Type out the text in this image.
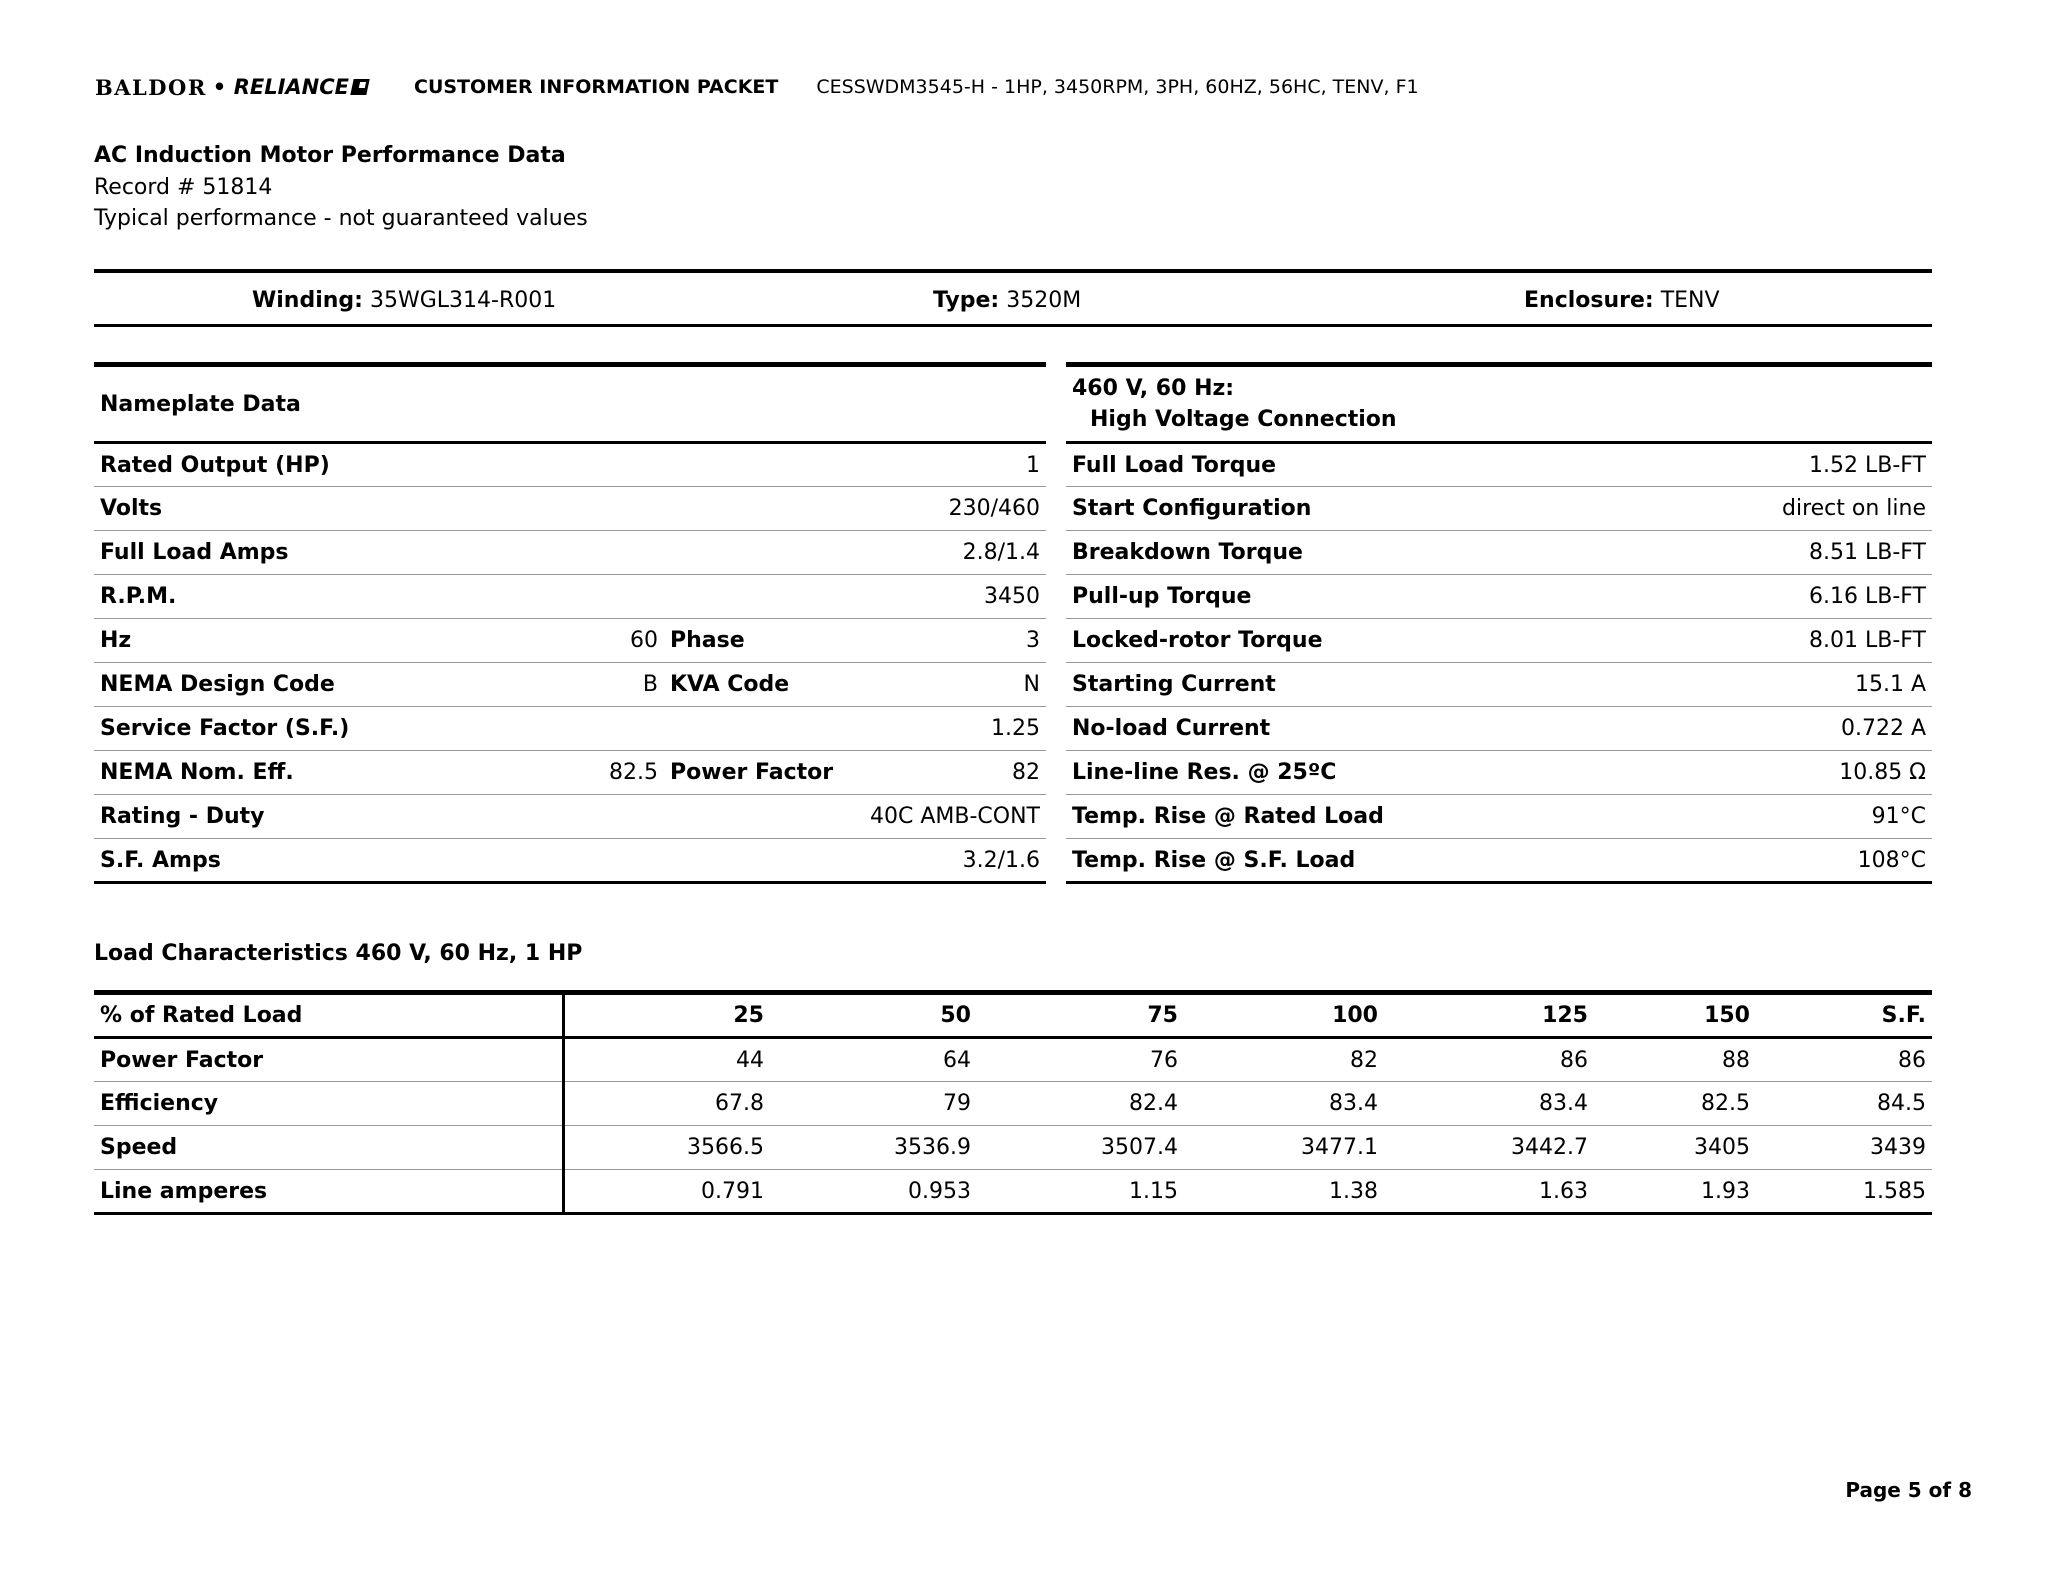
BALDOR • RELIANCE	CUSTOMER INFORMATION PACKET CESSWDM3545-H - 1HP, 3450RPM, 3PH, 60HZ, 56HC, TENV, F1
AC Induction Motor Performance Data
Record # 51814
Typical performance - not guaranteed values
Winding: 35WGL314-R001	Type: 3520M	Enclosure: TENV
Nameplate Data			
Rated Output (HP)			1
Volts			230/460
Full Load Amps			2.8/1.4
R.P.M.			3450
Hz	60	Phase	3
NEMA Design Code	B	KVA Code	N
Service Factor (S.F.)			1.25
NEMA Nom. Eff.	82.5	Power Factor	82
Rating - Duty			40C AMB-CONT
S.F. Amps			3.2/1.6
460 V, 60 Hz:
High Voltage Connection	

Full Load Torque	1.52 LB-FT
Start Configuration	direct on line
Breakdown Torque	8.51 LB-FT
Pull-up Torque	6.16 LB-FT
Locked-rotor Torque	8.01 LB-FT
Starting Current	15.1 A
No-load Current	0.722 A
Line-line Res. @ 25ºC	10.85 Ω
Temp. Rise @ Rated Load	91°C
Temp. Rise @ S.F. Load	108°C
Load Characteristics 460 V, 60 Hz, 1 HP
% of Rated Load	25	50	75	100	125	150	S.F.
Power Factor	44	64	76	82	86	88	86
Efficiency	67.8	79	82.4	83.4	83.4	82.5	84.5
Speed	3566.5	3536.9	3507.4	3477.1	3442.7	3405	3439
Line amperes	0.791	0.953	1.15	1.38	1.63	1.93	1.585
Page 5 of 8
